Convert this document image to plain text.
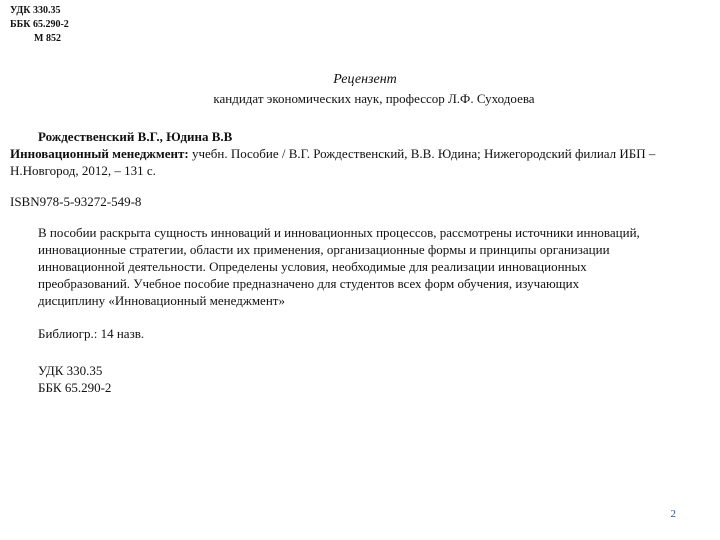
УДК 330.35
ББК 65.290-2
М 852
Рецензент
кандидат экономических наук, профессор Л.Ф. Суходоева
Рождественский В.Г., Юдина В.В
Инновационный менеджмент: учебн. Пособие / В.Г. Рождественский, В.В. Юдина; Нижегородский филиал ИБП –
Н.Новгород, 2012, – 131 с.
ISBN978-5-93272-549-8

В пособии раскрыта сущность инноваций и инновационных процессов, рассмотрены источники инноваций,

инновационные стратегии, области их применения, организационные формы и принципы организации

инновационной деятельности. Определены условия, необходимые для реализации инновационных

преобразований. Учебное пособие предназначено для студентов всех форм обучения, изучающих

дисциплину «Инновационный менеджмент»

Библиогр.: 14 назв.
УДК 330.35
ББК 65.290-2
2
